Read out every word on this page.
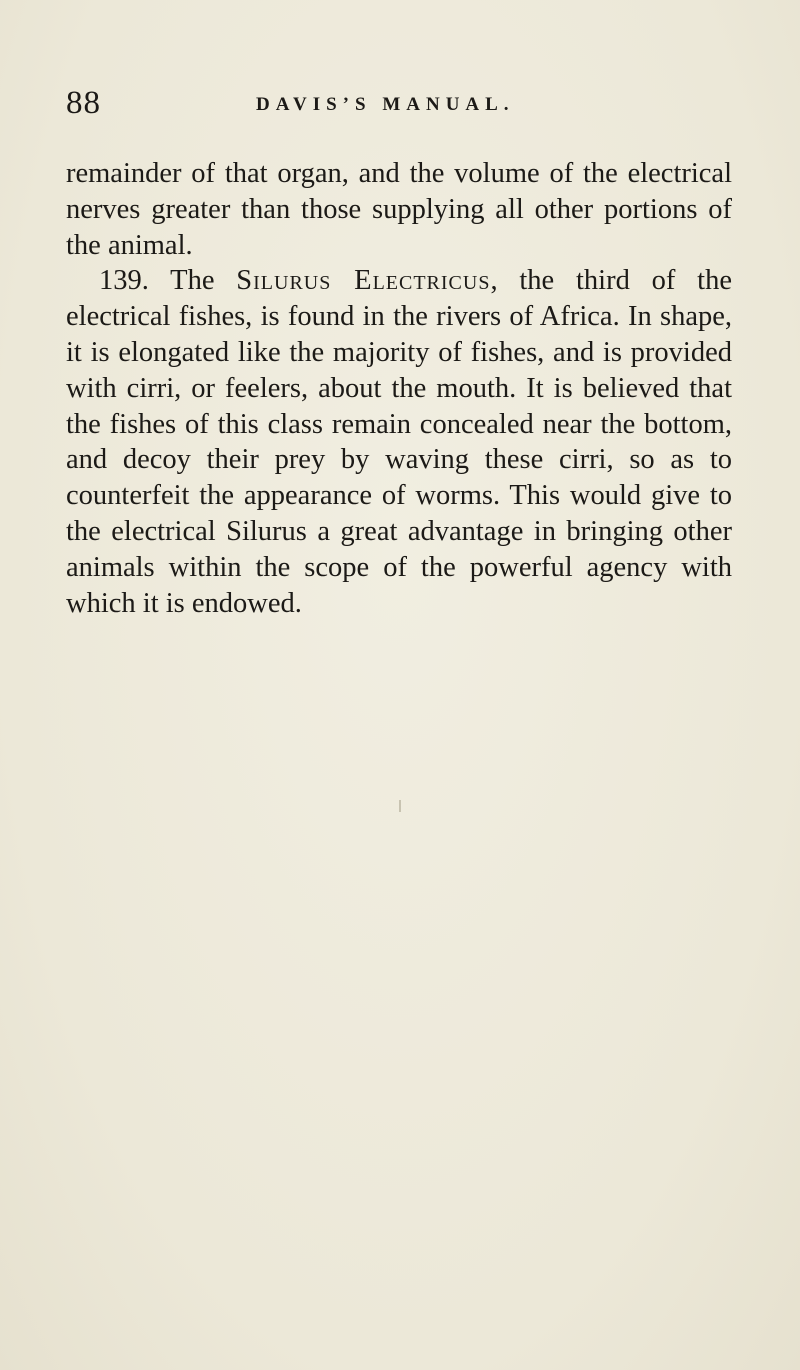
88	DAVIS’S MANUAL.

remainder of that organ, and the volume of the electrical nerves greater than those supplying all other portions of the animal.

139. The Silurus Electricus, the third of the electrical fishes, is found in the rivers of Africa. In shape, it is elongated like the majority of fishes, and is provided with cirri, or feelers, about the mouth. It is believed that the fishes of this class remain concealed near the bottom, and decoy their prey by waving these cirri, so as to counterfeit the appearance of worms. This would give to the electrical Silurus a great advantage in bringing other animals within the scope of the powerful agency with which it is endowed.
